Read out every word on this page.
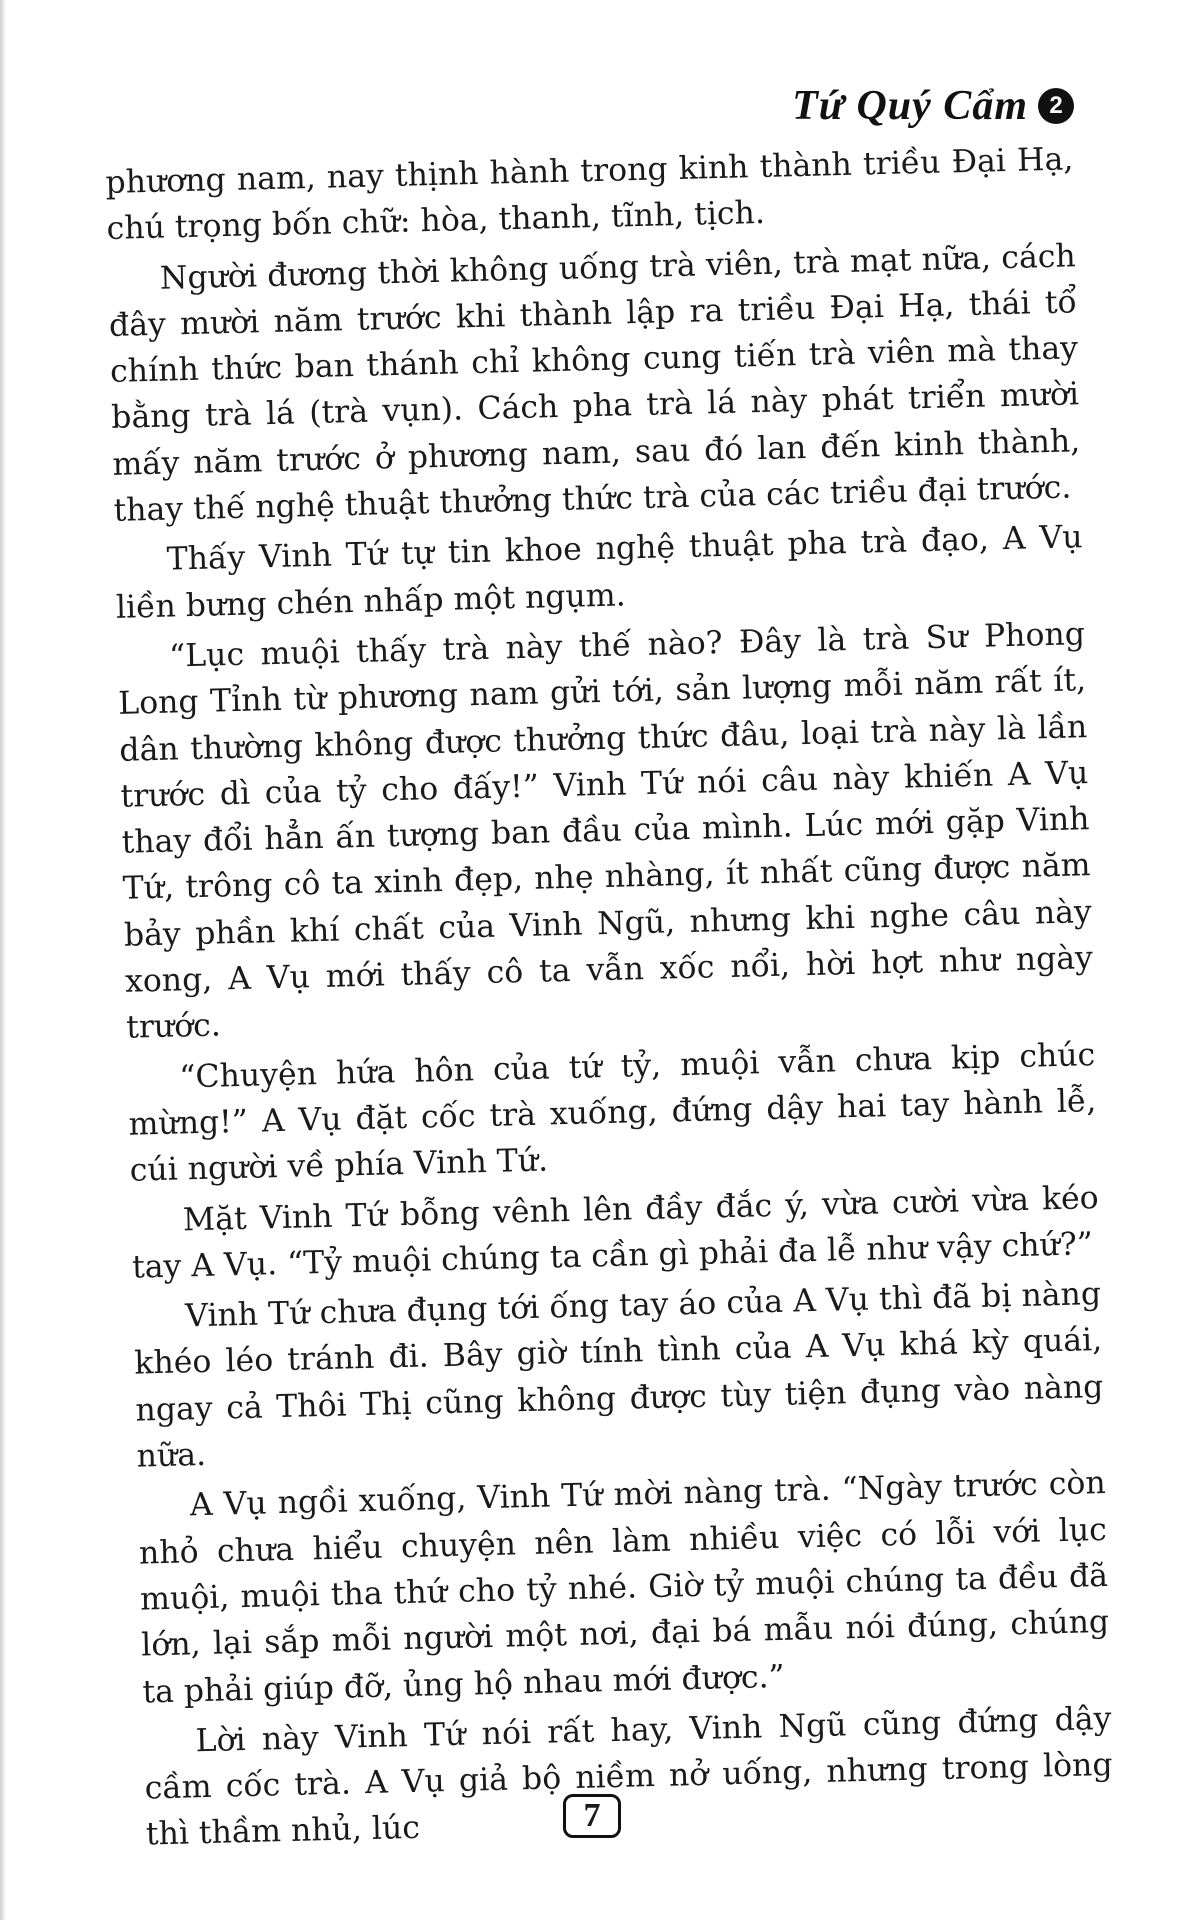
Tứ Quý Cẩm 2

phương nam, nay thịnh hành trong kinh thành triều Đại Hạ, chú trọng bốn chữ: hòa, thanh, tĩnh, tịch.

Người đương thời không uống trà viên, trà mạt nữa, cách đây mười năm trước khi thành lập ra triều Đại Hạ, thái tổ chính thức ban thánh chỉ không cung tiến trà viên mà thay bằng trà lá (trà vụn). Cách pha trà lá này phát triển mười mấy năm trước ở phương nam, sau đó lan đến kinh thành, thay thế nghệ thuật thưởng thức trà của các triều đại trước.

Thấy Vinh Tứ tự tin khoe nghệ thuật pha trà đạo, A Vụ liền bưng chén nhấp một ngụm.

“Lục muội thấy trà này thế nào? Đây là trà Sư Phong Long Tỉnh từ phương nam gửi tới, sản lượng mỗi năm rất ít, dân thường không được thưởng thức đâu, loại trà này là lần trước dì của tỷ cho đấy!” Vinh Tứ nói câu này khiến A Vụ thay đổi hẳn ấn tượng ban đầu của mình. Lúc mới gặp Vinh Tứ, trông cô ta xinh đẹp, nhẹ nhàng, ít nhất cũng được năm bảy phần khí chất của Vinh Ngũ, nhưng khi nghe câu này xong, A Vụ mới thấy cô ta vẫn xốc nổi, hời hợt như ngày trước.

“Chuyện hứa hôn của tứ tỷ, muội vẫn chưa kịp chúc mừng!” A Vụ đặt cốc trà xuống, đứng dậy hai tay hành lễ, cúi người về phía Vinh Tứ.

Mặt Vinh Tứ bỗng vênh lên đầy đắc ý, vừa cười vừa kéo tay A Vụ. “Tỷ muội chúng ta cần gì phải đa lễ như vậy chứ?”

Vinh Tứ chưa đụng tới ống tay áo của A Vụ thì đã bị nàng khéo léo tránh đi. Bây giờ tính tình của A Vụ khá kỳ quái, ngay cả Thôi Thị cũng không được tùy tiện đụng vào nàng nữa.

A Vụ ngồi xuống, Vinh Tứ mời nàng trà. “Ngày trước còn nhỏ chưa hiểu chuyện nên làm nhiều việc có lỗi với lục muội, muội tha thứ cho tỷ nhé. Giờ tỷ muội chúng ta đều đã lớn, lại sắp mỗi người một nơi, đại bá mẫu nói đúng, chúng ta phải giúp đỡ, ủng hộ nhau mới được.”

Lời này Vinh Tứ nói rất hay, Vinh Ngũ cũng đứng dậy cầm cốc trà. A Vụ giả bộ niềm nở uống, nhưng trong lòng thì thầm nhủ, lúc	7
